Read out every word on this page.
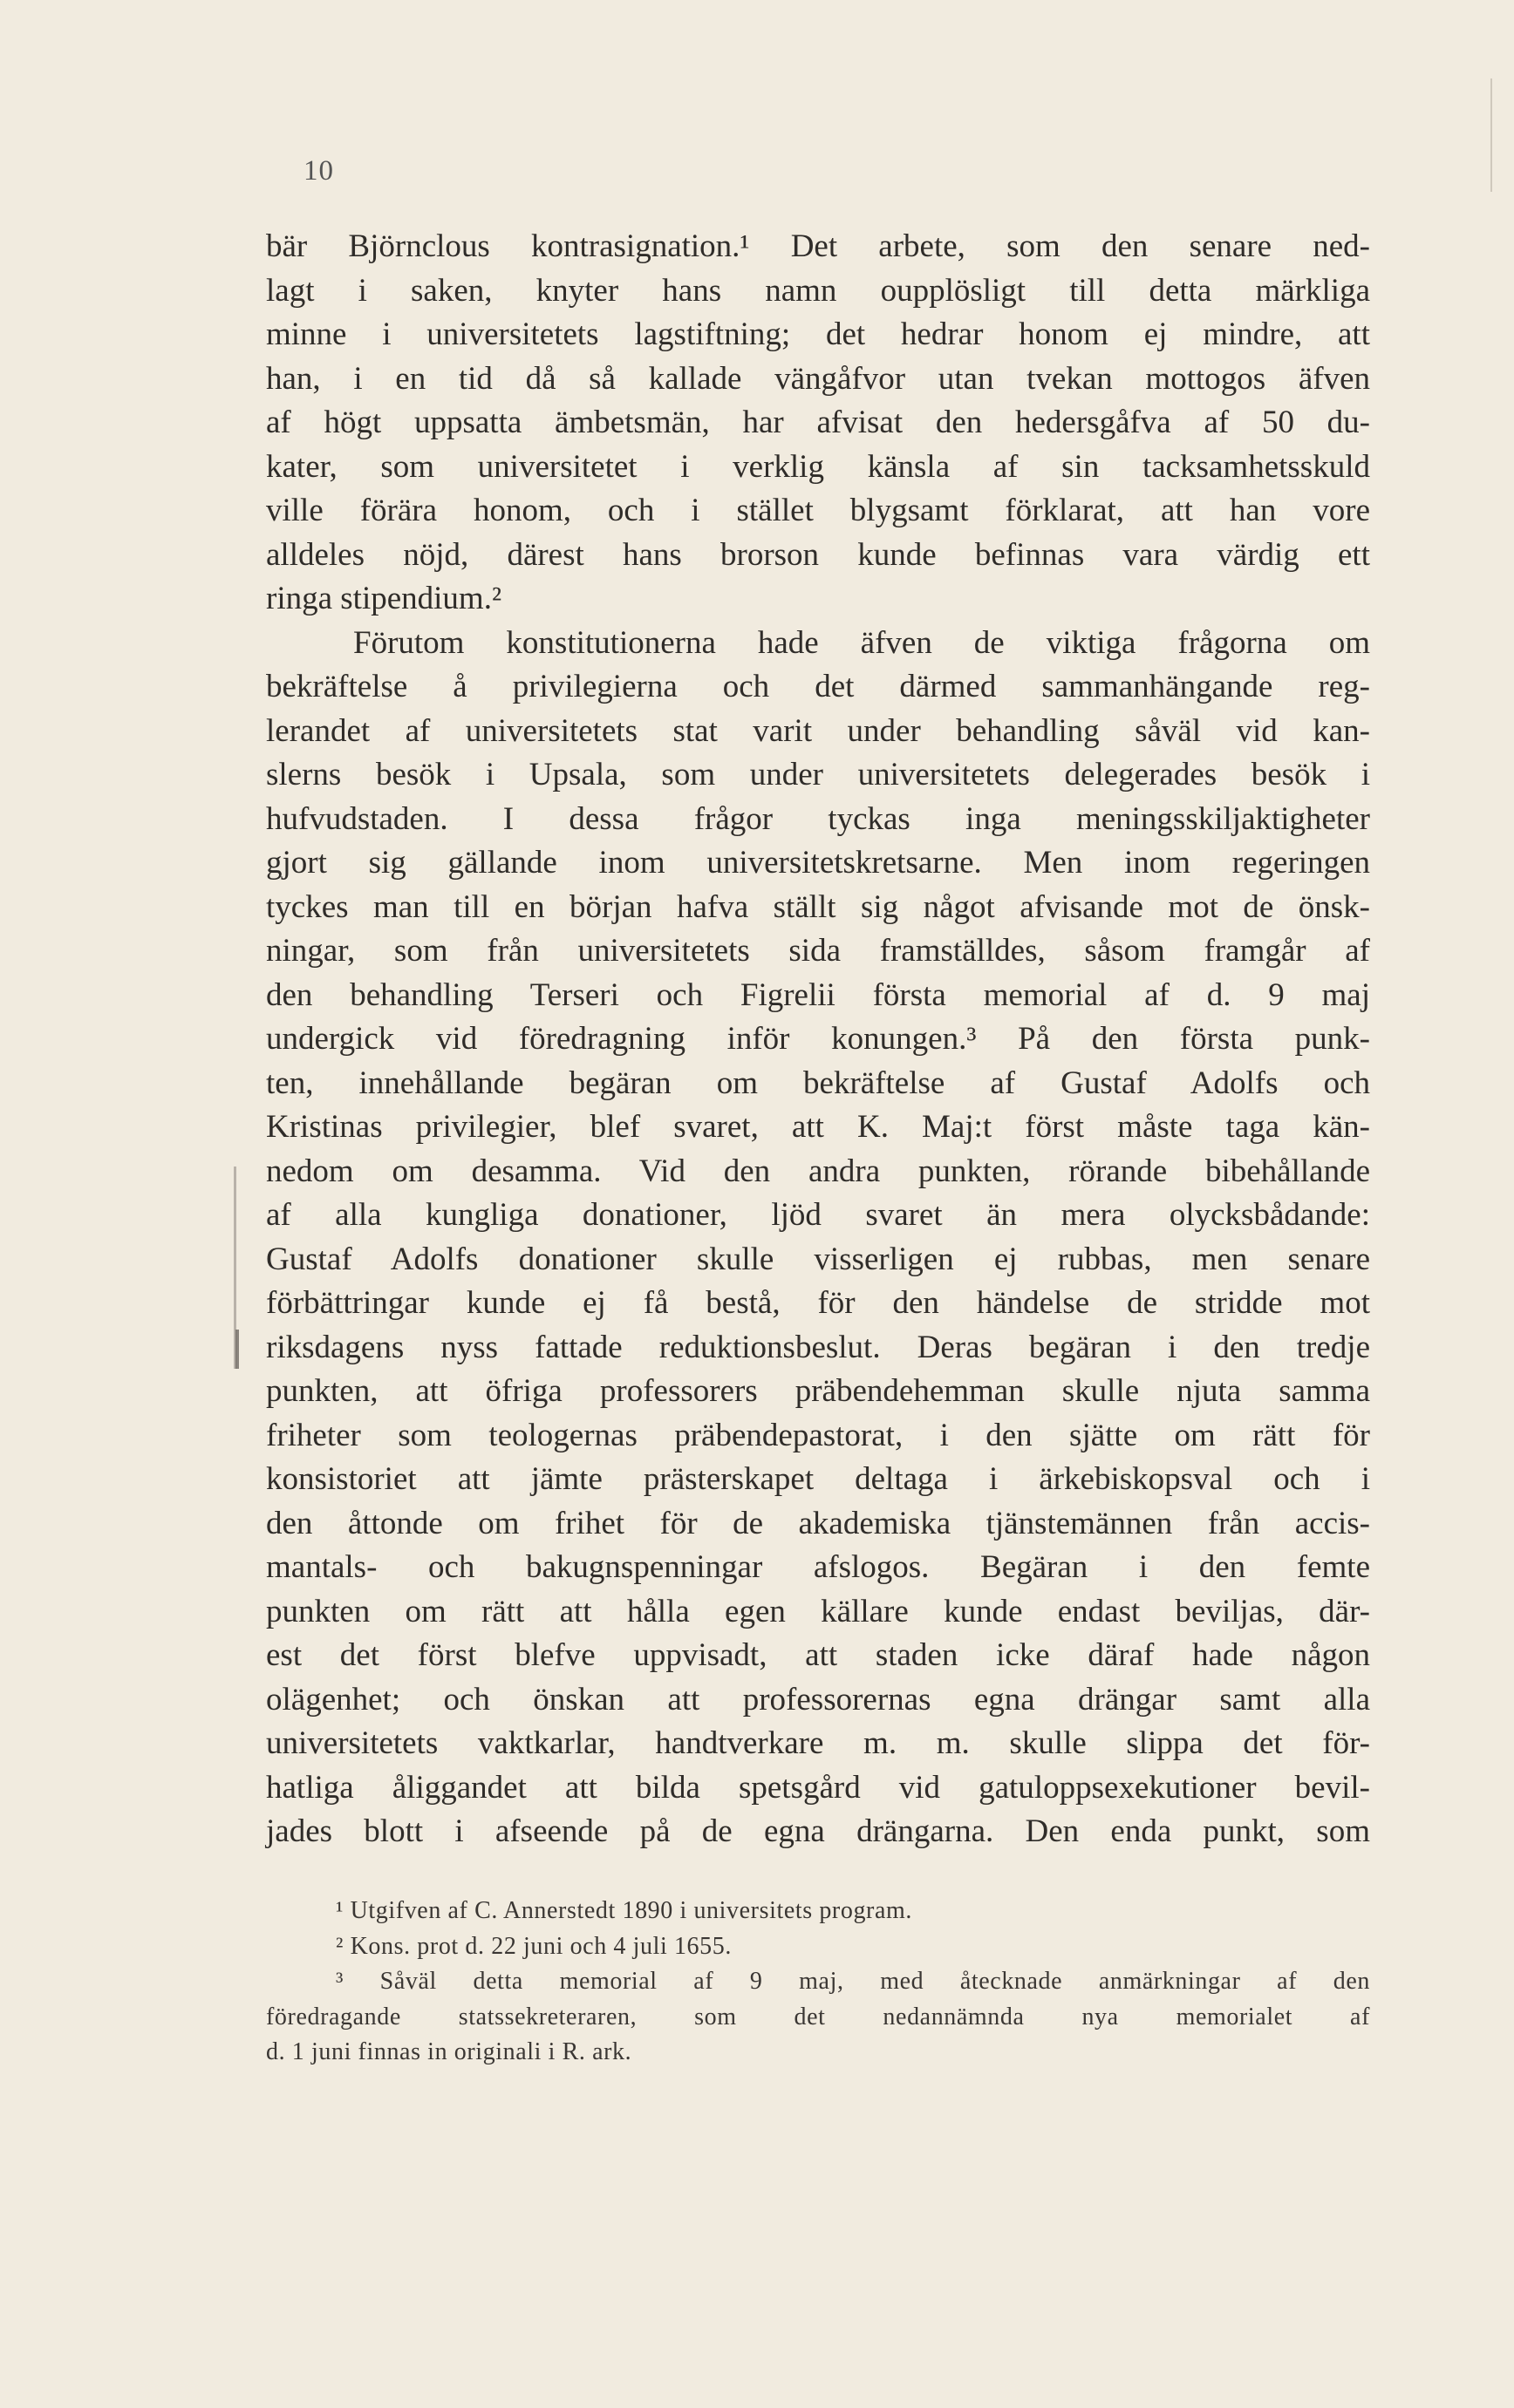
10
bär Björnclous kontrasignation.¹ Det arbete, som den senare ned-
lagt i saken, knyter hans namn oupplösligt till detta märkliga
minne i universitetets lagstiftning; det hedrar honom ej mindre, att
han, i en tid då så kallade vängåfvor utan tvekan mottogos äfven
af högt uppsatta ämbetsmän, har afvisat den hedersgåfva af 50 du-
kater, som universitetet i verklig känsla af sin tacksamhetsskuld
ville förära honom, och i stället blygsamt förklarat, att han vore
alldeles nöjd, därest hans brorson kunde befinnas vara värdig ett
ringa stipendium.²
Förutom konstitutionerna hade äfven de viktiga frågorna om
bekräftelse å privilegierna och det därmed sammanhängande reg-
lerandet af universitetets stat varit under behandling såväl vid kan-
slerns besök i Upsala, som under universitetets delegerades besök i
hufvudstaden. I dessa frågor tyckas inga meningsskiljaktigheter
gjort sig gällande inom universitetskretsarne. Men inom regeringen
tyckes man till en början hafva ställt sig något afvisande mot de önsk-
ningar, som från universitetets sida framställdes, såsom framgår af
den behandling Terseri och Figrelii första memorial af d. 9 maj
undergick vid föredragning inför konungen.³ På den första punk-
ten, innehållande begäran om bekräftelse af Gustaf Adolfs och
Kristinas privilegier, blef svaret, att K. Maj:t först måste taga kän-
nedom om desamma. Vid den andra punkten, rörande bibehållande
af alla kungliga donationer, ljöd svaret än mera olycksbådande:
Gustaf Adolfs donationer skulle visserligen ej rubbas, men senare
förbättringar kunde ej få bestå, för den händelse de stridde mot
riksdagens nyss fattade reduktionsbeslut. Deras begäran i den tredje
punkten, att öfriga professorers präbendehemman skulle njuta samma
friheter som teologernas präbendepastorat, i den sjätte om rätt för
konsistoriet att jämte prästerskapet deltaga i ärkebiskopsval och i
den åttonde om frihet för de akademiska tjänstemännen från accis-
mantals- och bakugnspenningar afslogos. Begäran i den femte
punkten om rätt att hålla egen källare kunde endast beviljas, där-
est det först blefve uppvisadt, att staden icke däraf hade någon
olägenhet; och önskan att professorernas egna drängar samt alla
universitetets vaktkarlar, handtverkare m. m. skulle slippa det för-
hatliga åliggandet att bilda spetsgård vid gatuloppsexekutioner bevil-
jades blott i afseende på de egna drängarna. Den enda punkt, som
¹ Utgifven af C. Annerstedt 1890 i universitets program.
² Kons. prot d. 22 juni och 4 juli 1655.
³ Såväl detta memorial af 9 maj, med åtecknade anmärkningar af den
föredragande statssekreteraren, som det nedannämnda nya memorialet af
d. 1 juni finnas in originali i R. ark.
